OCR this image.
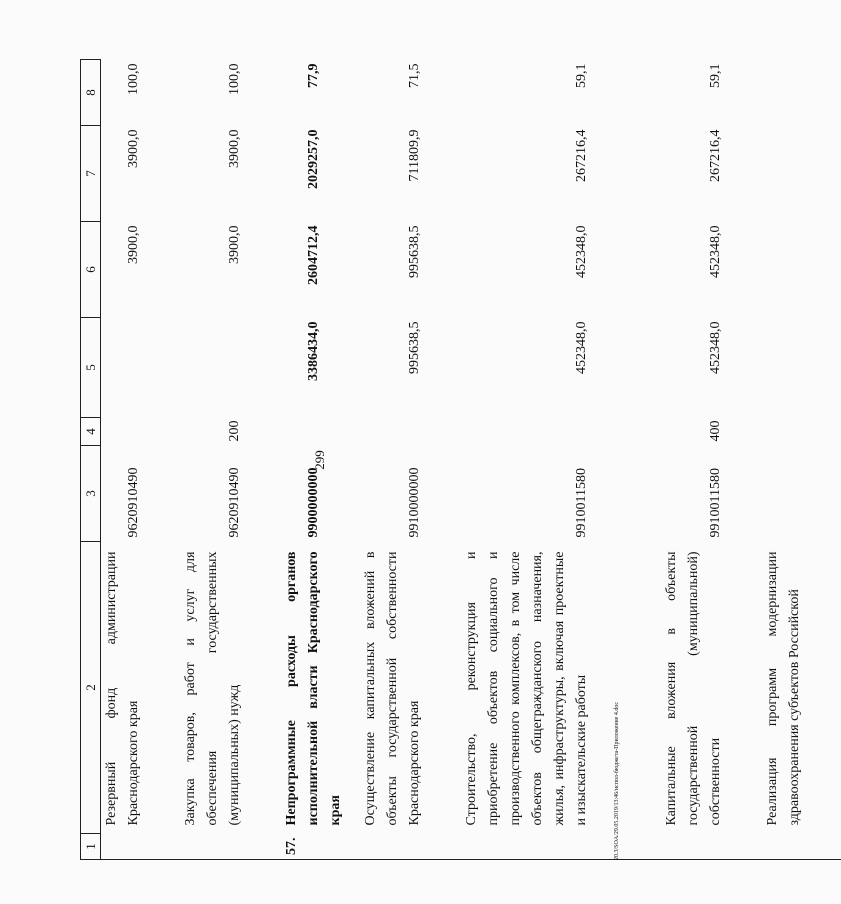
299
1	2	3	4	5	6	7	8
	Резервный фонд администрации Краснодарского края	9620910490			3900,0	3900,0	100,0
	Закупка товаров, работ и услуг для обеспечения государственных (муниципальных) нужд	9620910490	200		3900,0	3900,0	100,0
57.	Непрограммные расходы органов исполнительной власти Краснодарского края	9900000000		3386434,0	2604712,4	2029257,0	77,9
	Осуществление капитальных вложений в объекты государственной собственности Краснодарского края	9910000000		995638,5	995638,5	711809,9	71,5
	Строительство, реконструкция и приобретение объектов социального и производственного комплексов, в том числе объектов общегражданского назначения, жилья, инфраструктуры, включая проектные и изыскательские работы	9910011580		452348,0	452348,0	267216,4	59,1
	Капитальные вложения в объекты государственной (муниципальной) собственности	9910011580	400	452348,0	452348,0	267216,4	59,1
	Реализация программ модернизации здравоохранения субъектов Российской						
20.3/SOA/29.05.2019/13:46/испол-бюджета-Приложение 4.doc
